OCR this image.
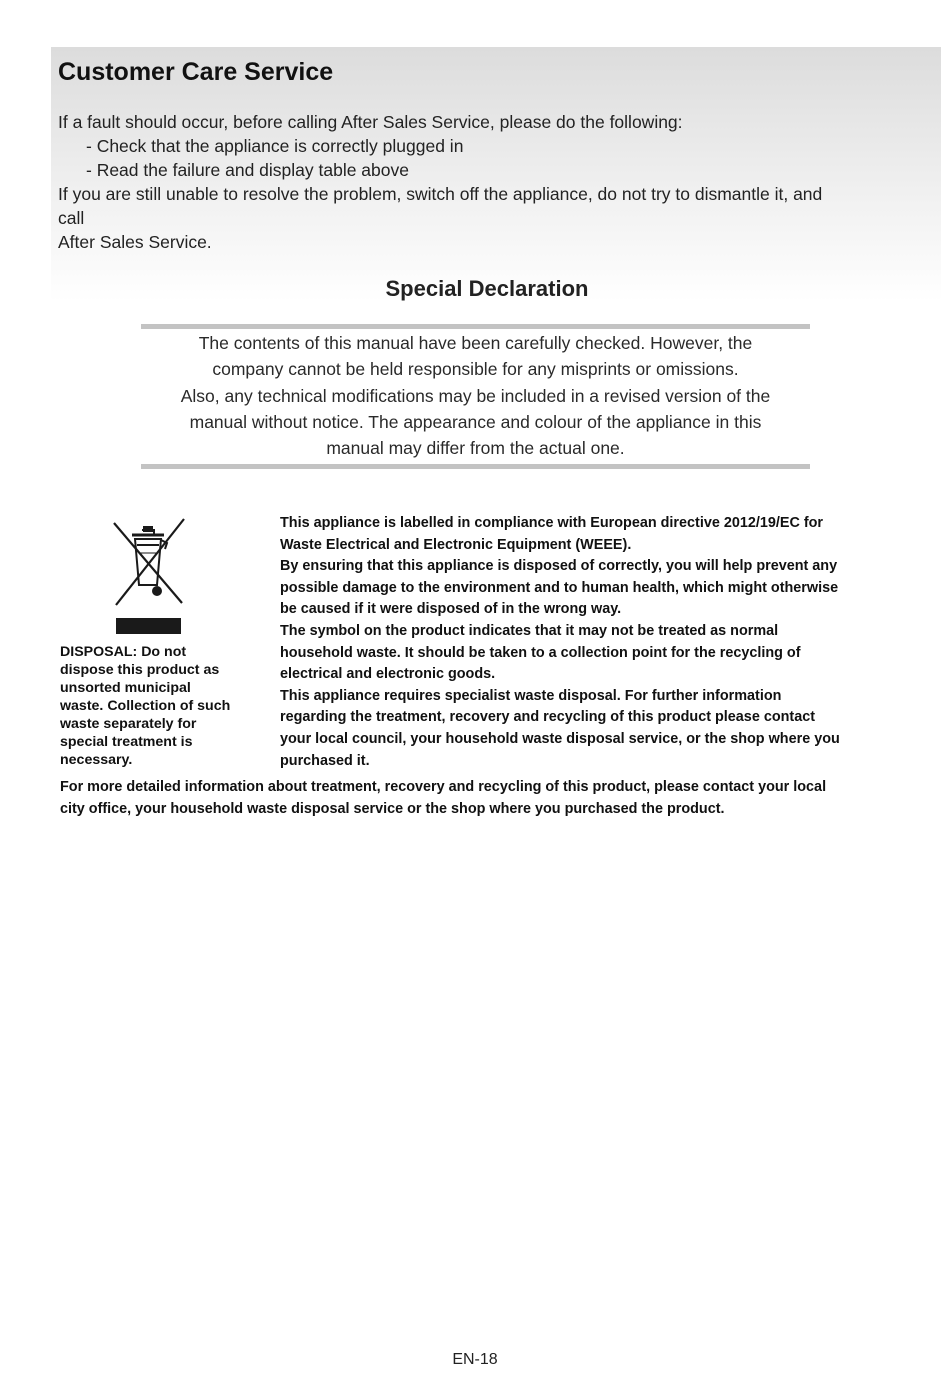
Customer Care Service
If a fault should occur, before calling After Sales Service, please do the following:
- Check that the appliance is correctly plugged in
- Read the failure and display table above
If you are still unable to resolve the problem, switch off the appliance, do not try to dismantle it, and
call
After Sales Service.
Special Declaration
The contents of this manual have been carefully checked. However, the
company cannot be held responsible for any misprints or omissions.
Also, any technical modifications may be included in a revised version of the
manual without notice. The appearance and colour of the appliance in this
manual may differ from the actual one.
DISPOSAL: Do not
dispose this product as
unsorted municipal
waste. Collection of such
waste separately for
special treatment is
necessary.
This appliance is labelled in compliance with European directive 2012/19/EC for
Waste Electrical and Electronic Equipment (WEEE).
By ensuring that this appliance is disposed of correctly, you will help prevent any
possible damage to the environment and to human health, which might otherwise
be caused if it were disposed of in the wrong way.
The symbol on the product indicates that it may not be treated as normal
household waste. It should be taken to a collection point for the recycling of
electrical and electronic goods.
This appliance requires specialist waste disposal. For further information
regarding the treatment, recovery and recycling of this product please contact
your local council, your household waste disposal service, or the shop where you
purchased it.
For more detailed information about treatment, recovery and recycling of this product, please contact your local
city office, your household waste disposal service or the shop where you purchased the product.
EN-18
